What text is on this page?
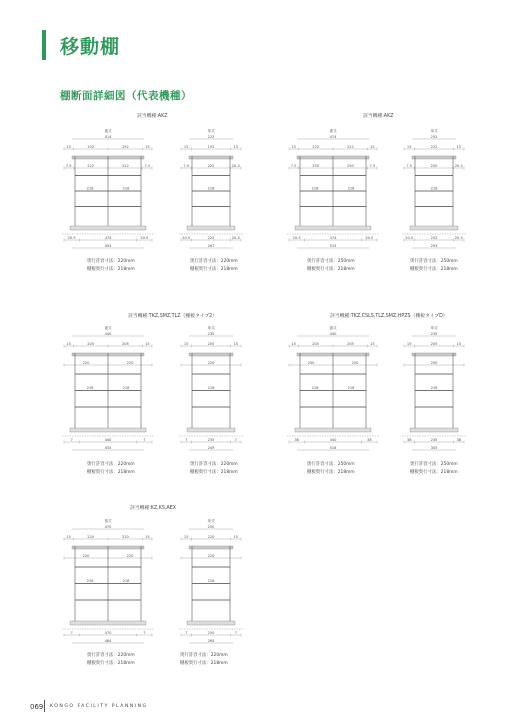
移動棚
棚断面詳細図（代表機種）
該当機種:AKZ	該当機種:AKZ
該当機種:TKZ,SMZ,TLZ（棚板タイプ2）	該当機種:TKZ,CSLS,TLZ,SMZ,HPZS（棚板タイプD）
該当機種:KZ,KS,AEX
複式
414
15	192	192	15
7.5	222	222	7.5
218	218
20.5	474	20.5
493
単式
222
15	192	15
7.5	222	20.5
218
20.5	222	20.5
267
複式
474
15	222	222	15
7.5	250	250	7.5
218	218
20.5	474	20.5
515
単式
252
15	222	15
7.5	250	20.5
218
20.5	252	20.5
293
複式
440
15	205	205	15
220	220
218	218
7	440	7
454
単式
235
15	205	15
220
218
7	235	7
249
複式
440
15	205	205	15
250	250
218	218
38	440	38
516
単式
235
15	205	15
250
218
38	235	38
305
複式
470
15	220	220	15
220	220
218	218
7	470	7
484
単式
250
15	220	15
220
218
7	250	7
264
奥行許容寸法：220mm
棚板奥行寸法：218mm
奥行許容寸法：220mm
棚板奥行寸法：218mm
奥行許容寸法：250mm
棚板奥行寸法：218mm
奥行許容寸法：250mm
棚板奥行寸法：218mm
奥行許容寸法：220mm
棚板奥行寸法：218mm
奥行許容寸法：220mm
棚板奥行寸法：218mm
奥行許容寸法：250mm
棚板奥行寸法：218mm
奥行許容寸法：250mm
棚板奥行寸法：218mm
奥行許容寸法：220mm
棚板奥行寸法：218mm
奥行許容寸法：220mm
棚板奥行寸法：218mm
069 KONGO FACILITY PLANNING
